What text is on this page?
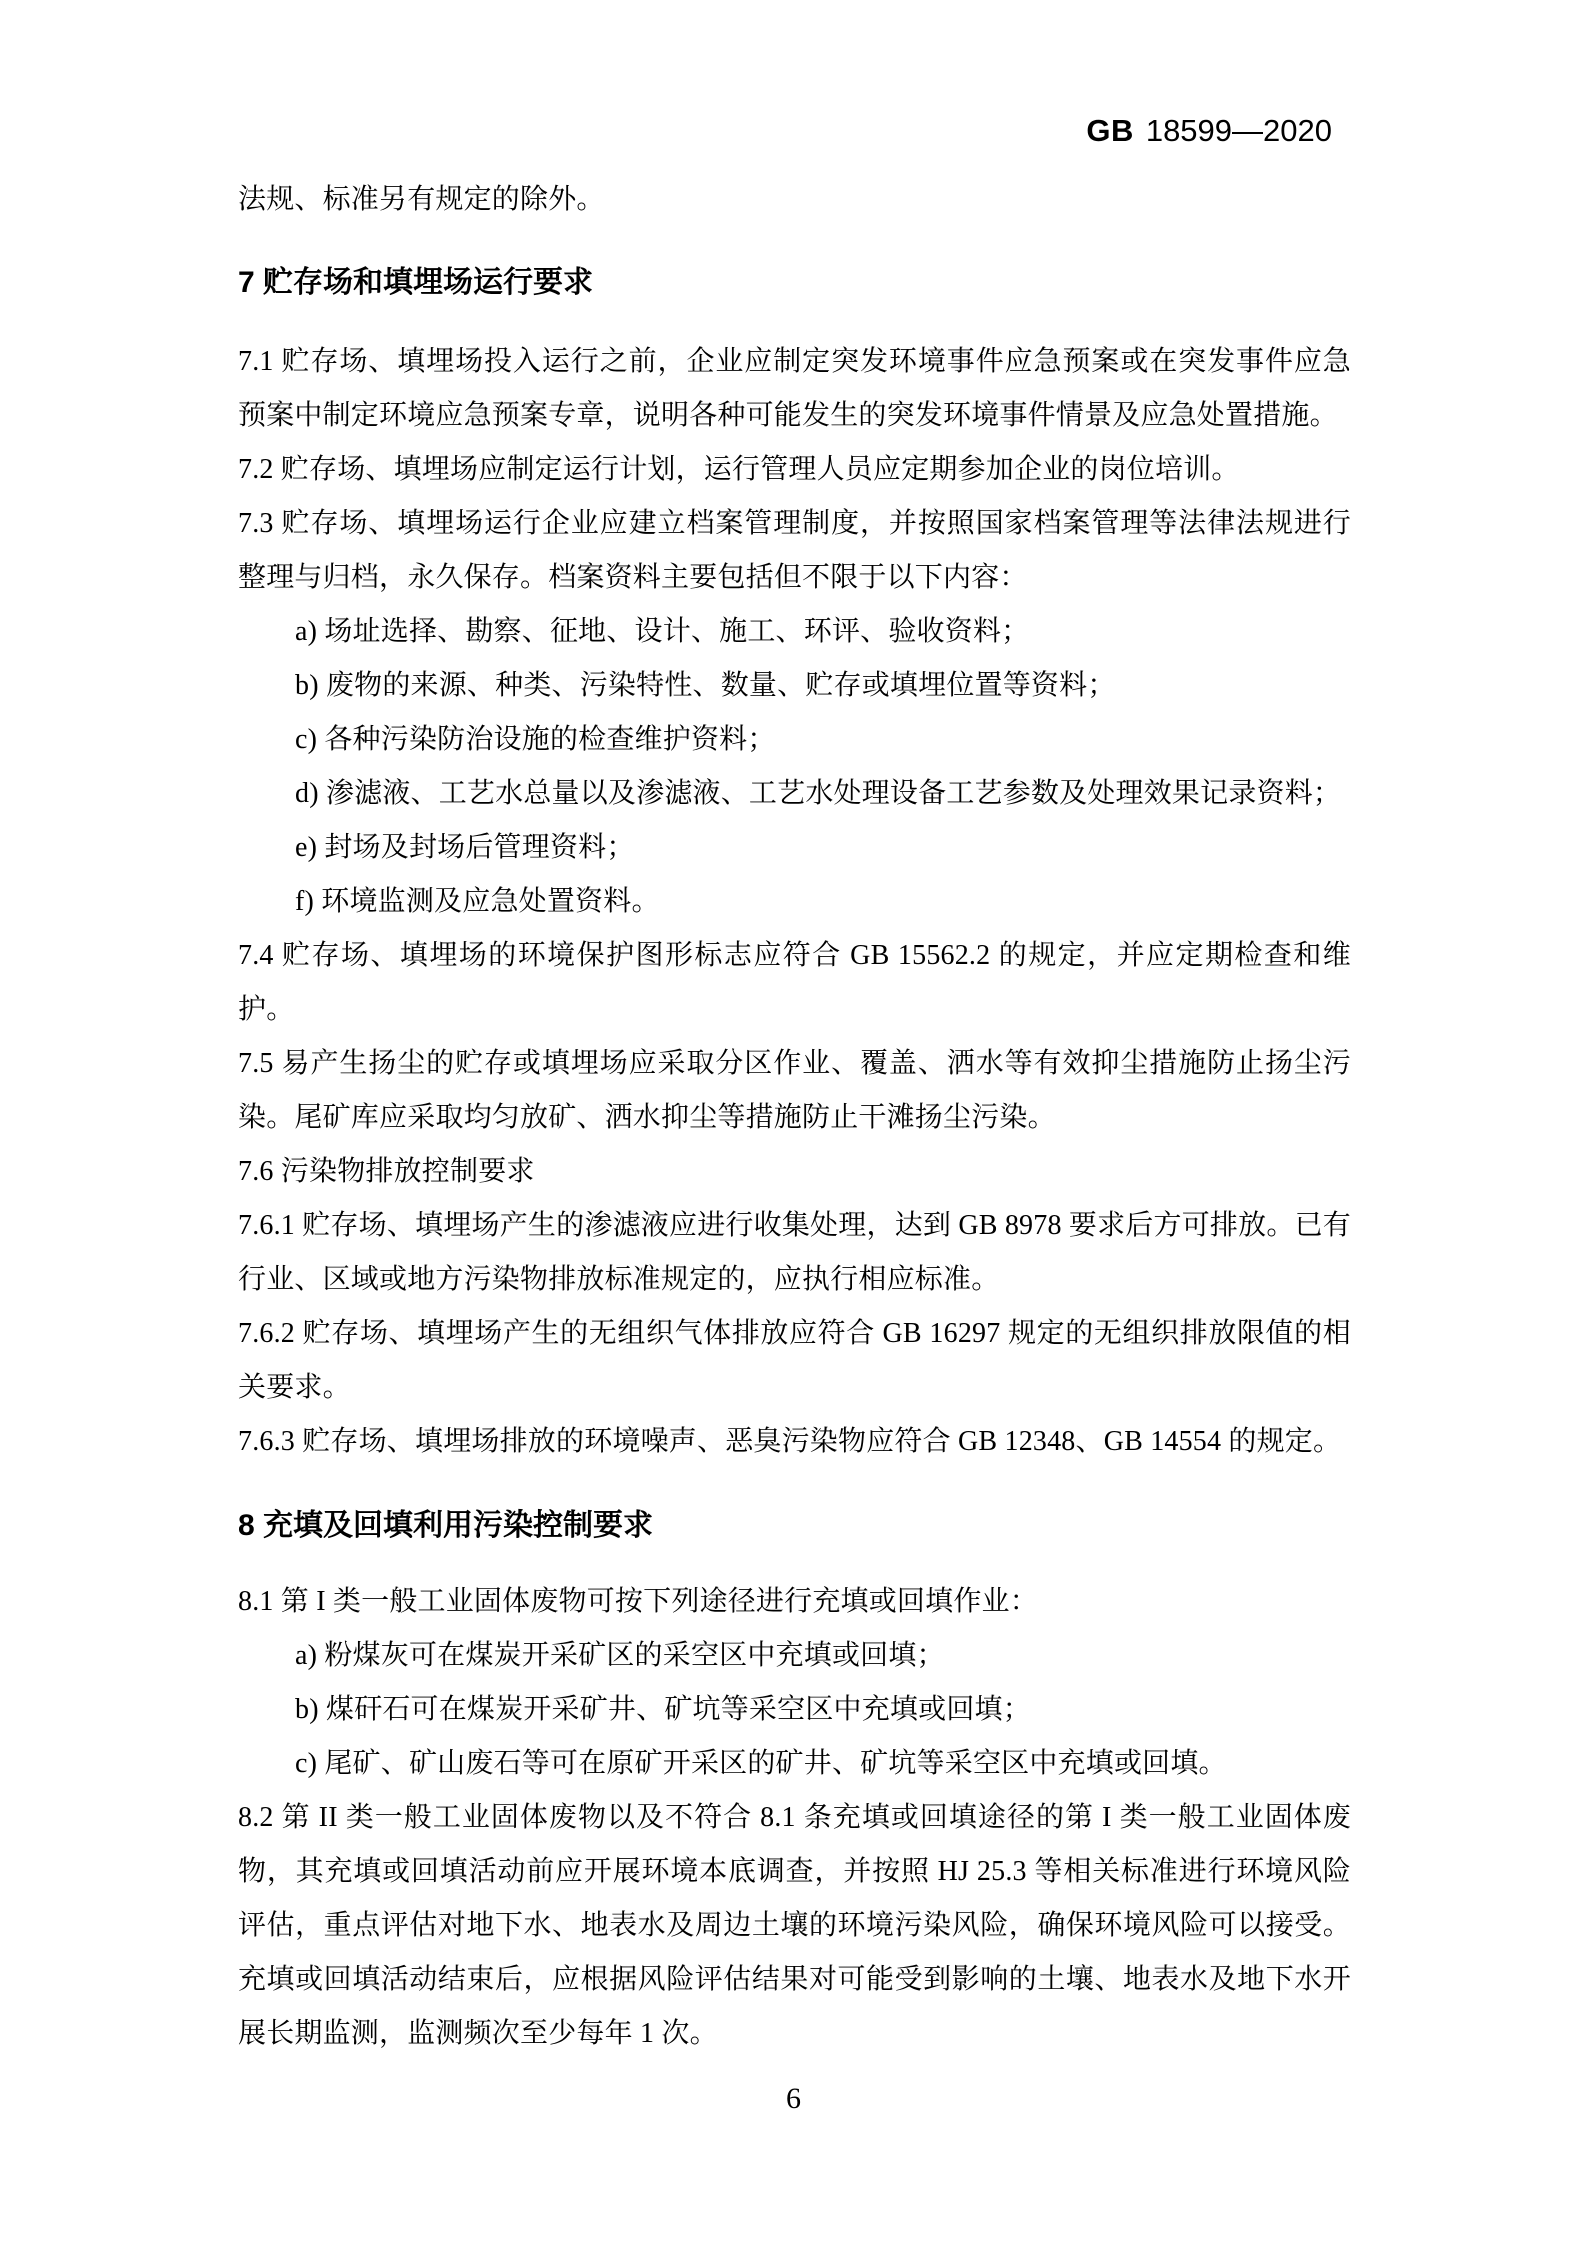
GB 18599—2020
法规、标准另有规定的除外。
7 贮存场和填埋场运行要求
7.1 贮存场、填埋场投入运行之前，企业应制定突发环境事件应急预案或在突发事件应急预案中制定环境应急预案专章，说明各种可能发生的突发环境事件情景及应急处置措施。
7.2 贮存场、填埋场应制定运行计划，运行管理人员应定期参加企业的岗位培训。
7.3 贮存场、填埋场运行企业应建立档案管理制度，并按照国家档案管理等法律法规进行整理与归档，永久保存。档案资料主要包括但不限于以下内容：
a) 场址选择、勘察、征地、设计、施工、环评、验收资料；
b) 废物的来源、种类、污染特性、数量、贮存或填埋位置等资料；
c) 各种污染防治设施的检查维护资料；
d) 渗滤液、工艺水总量以及渗滤液、工艺水处理设备工艺参数及处理效果记录资料；
e) 封场及封场后管理资料；
f) 环境监测及应急处置资料。
7.4 贮存场、填埋场的环境保护图形标志应符合 GB 15562.2 的规定，并应定期检查和维护。
7.5 易产生扬尘的贮存或填埋场应采取分区作业、覆盖、洒水等有效抑尘措施防止扬尘污染。尾矿库应采取均匀放矿、洒水抑尘等措施防止干滩扬尘污染。
7.6 污染物排放控制要求
7.6.1 贮存场、填埋场产生的渗滤液应进行收集处理，达到 GB 8978 要求后方可排放。已有行业、区域或地方污染物排放标准规定的，应执行相应标准。
7.6.2 贮存场、填埋场产生的无组织气体排放应符合 GB 16297 规定的无组织排放限值的相关要求。
7.6.3 贮存场、填埋场排放的环境噪声、恶臭污染物应符合 GB 12348、GB 14554 的规定。
8 充填及回填利用污染控制要求
8.1 第 I 类一般工业固体废物可按下列途径进行充填或回填作业：
a) 粉煤灰可在煤炭开采矿区的采空区中充填或回填；
b) 煤矸石可在煤炭开采矿井、矿坑等采空区中充填或回填；
c) 尾矿、矿山废石等可在原矿开采区的矿井、矿坑等采空区中充填或回填。
8.2 第 II 类一般工业固体废物以及不符合 8.1 条充填或回填途径的第 I 类一般工业固体废物，其充填或回填活动前应开展环境本底调查，并按照 HJ 25.3 等相关标准进行环境风险评估，重点评估对地下水、地表水及周边土壤的环境污染风险，确保环境风险可以接受。充填或回填活动结束后，应根据风险评估结果对可能受到影响的土壤、地表水及地下水开展长期监测，监测频次至少每年 1 次。
6
